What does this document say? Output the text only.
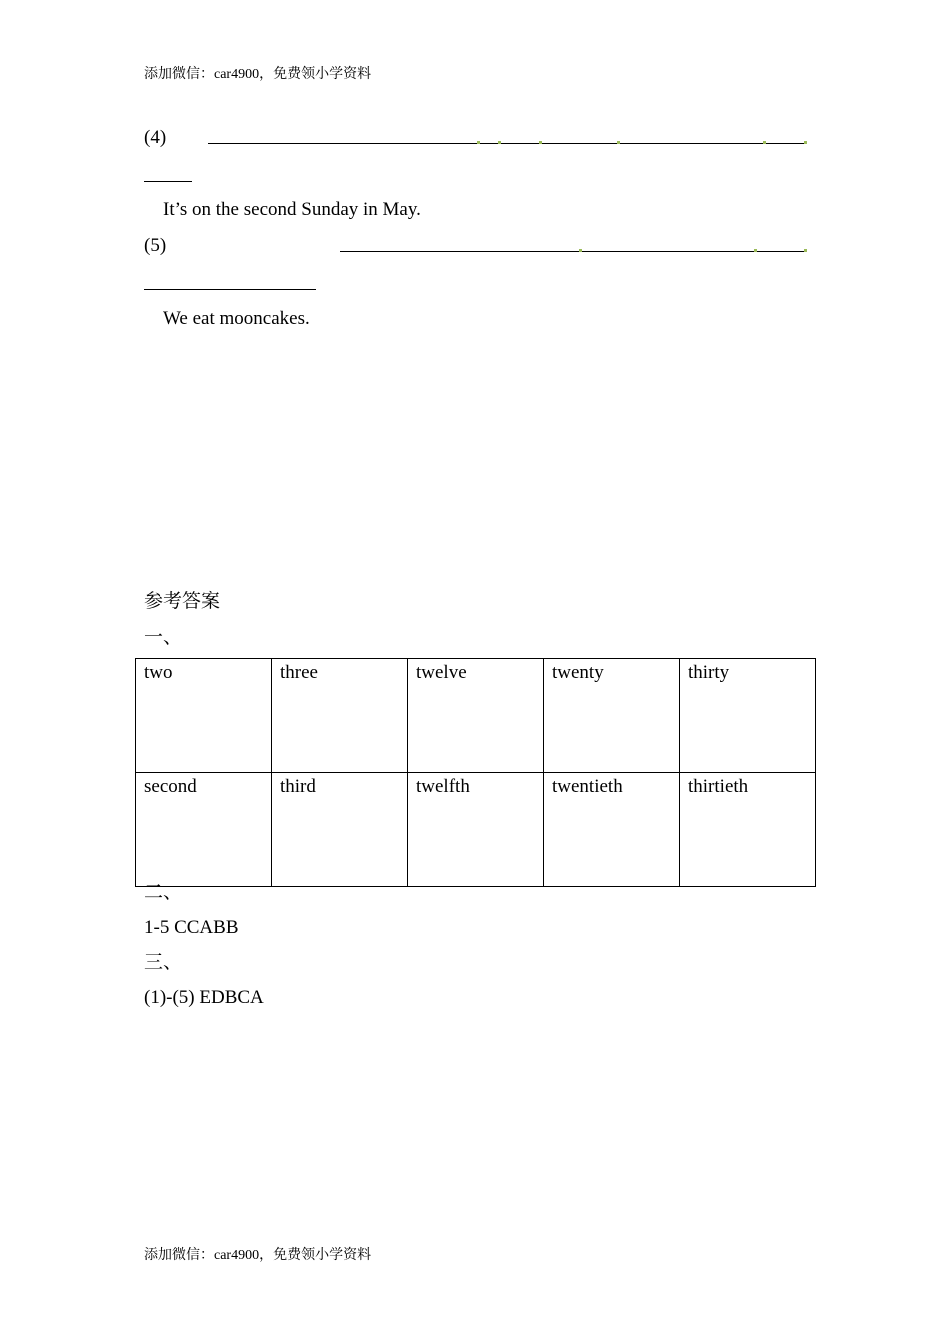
添加微信：car4900，免费领小学资料
(4)
It’s on the second Sunday in May.
(5)
We eat mooncakes.
参考答案
一、
two	three	twelve	twenty	thirty
second	third	twelfth	twentieth	thirtieth
二、
1-5 CCABB
三、
(1)-(5) EDBCA
添加微信：car4900，免费领小学资料
